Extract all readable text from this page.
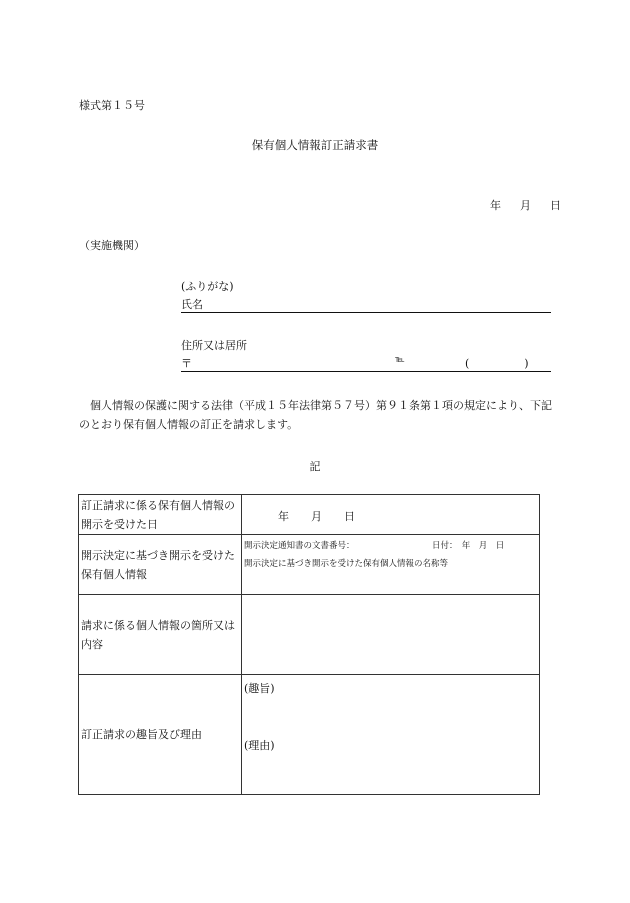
様式第１５号
保有個人情報訂正請求書
年 月 日
（実施機関）
(ふりがな)
氏名
住所又は居所
〒	℡	(　　　　　)
　個人情報の保護に関する法律（平成１５年法律第５７号）第９１条第１項の規定により、下記のとおり保有個人情報の訂正を請求します。
記
訂正請求に係る保有個人情報の開示を受けた日	年　　月　　日

開示決定に基づき開示を受けた保有個人情報	開示決定通知書の文書番号： 日付：　年　月　日
開示決定に基づき開示を受けた保有個人情報の名称等

請求に係る個人情報の箇所又は内容	
訂正請求の趣旨及び理由	(趣旨)
(理由)
